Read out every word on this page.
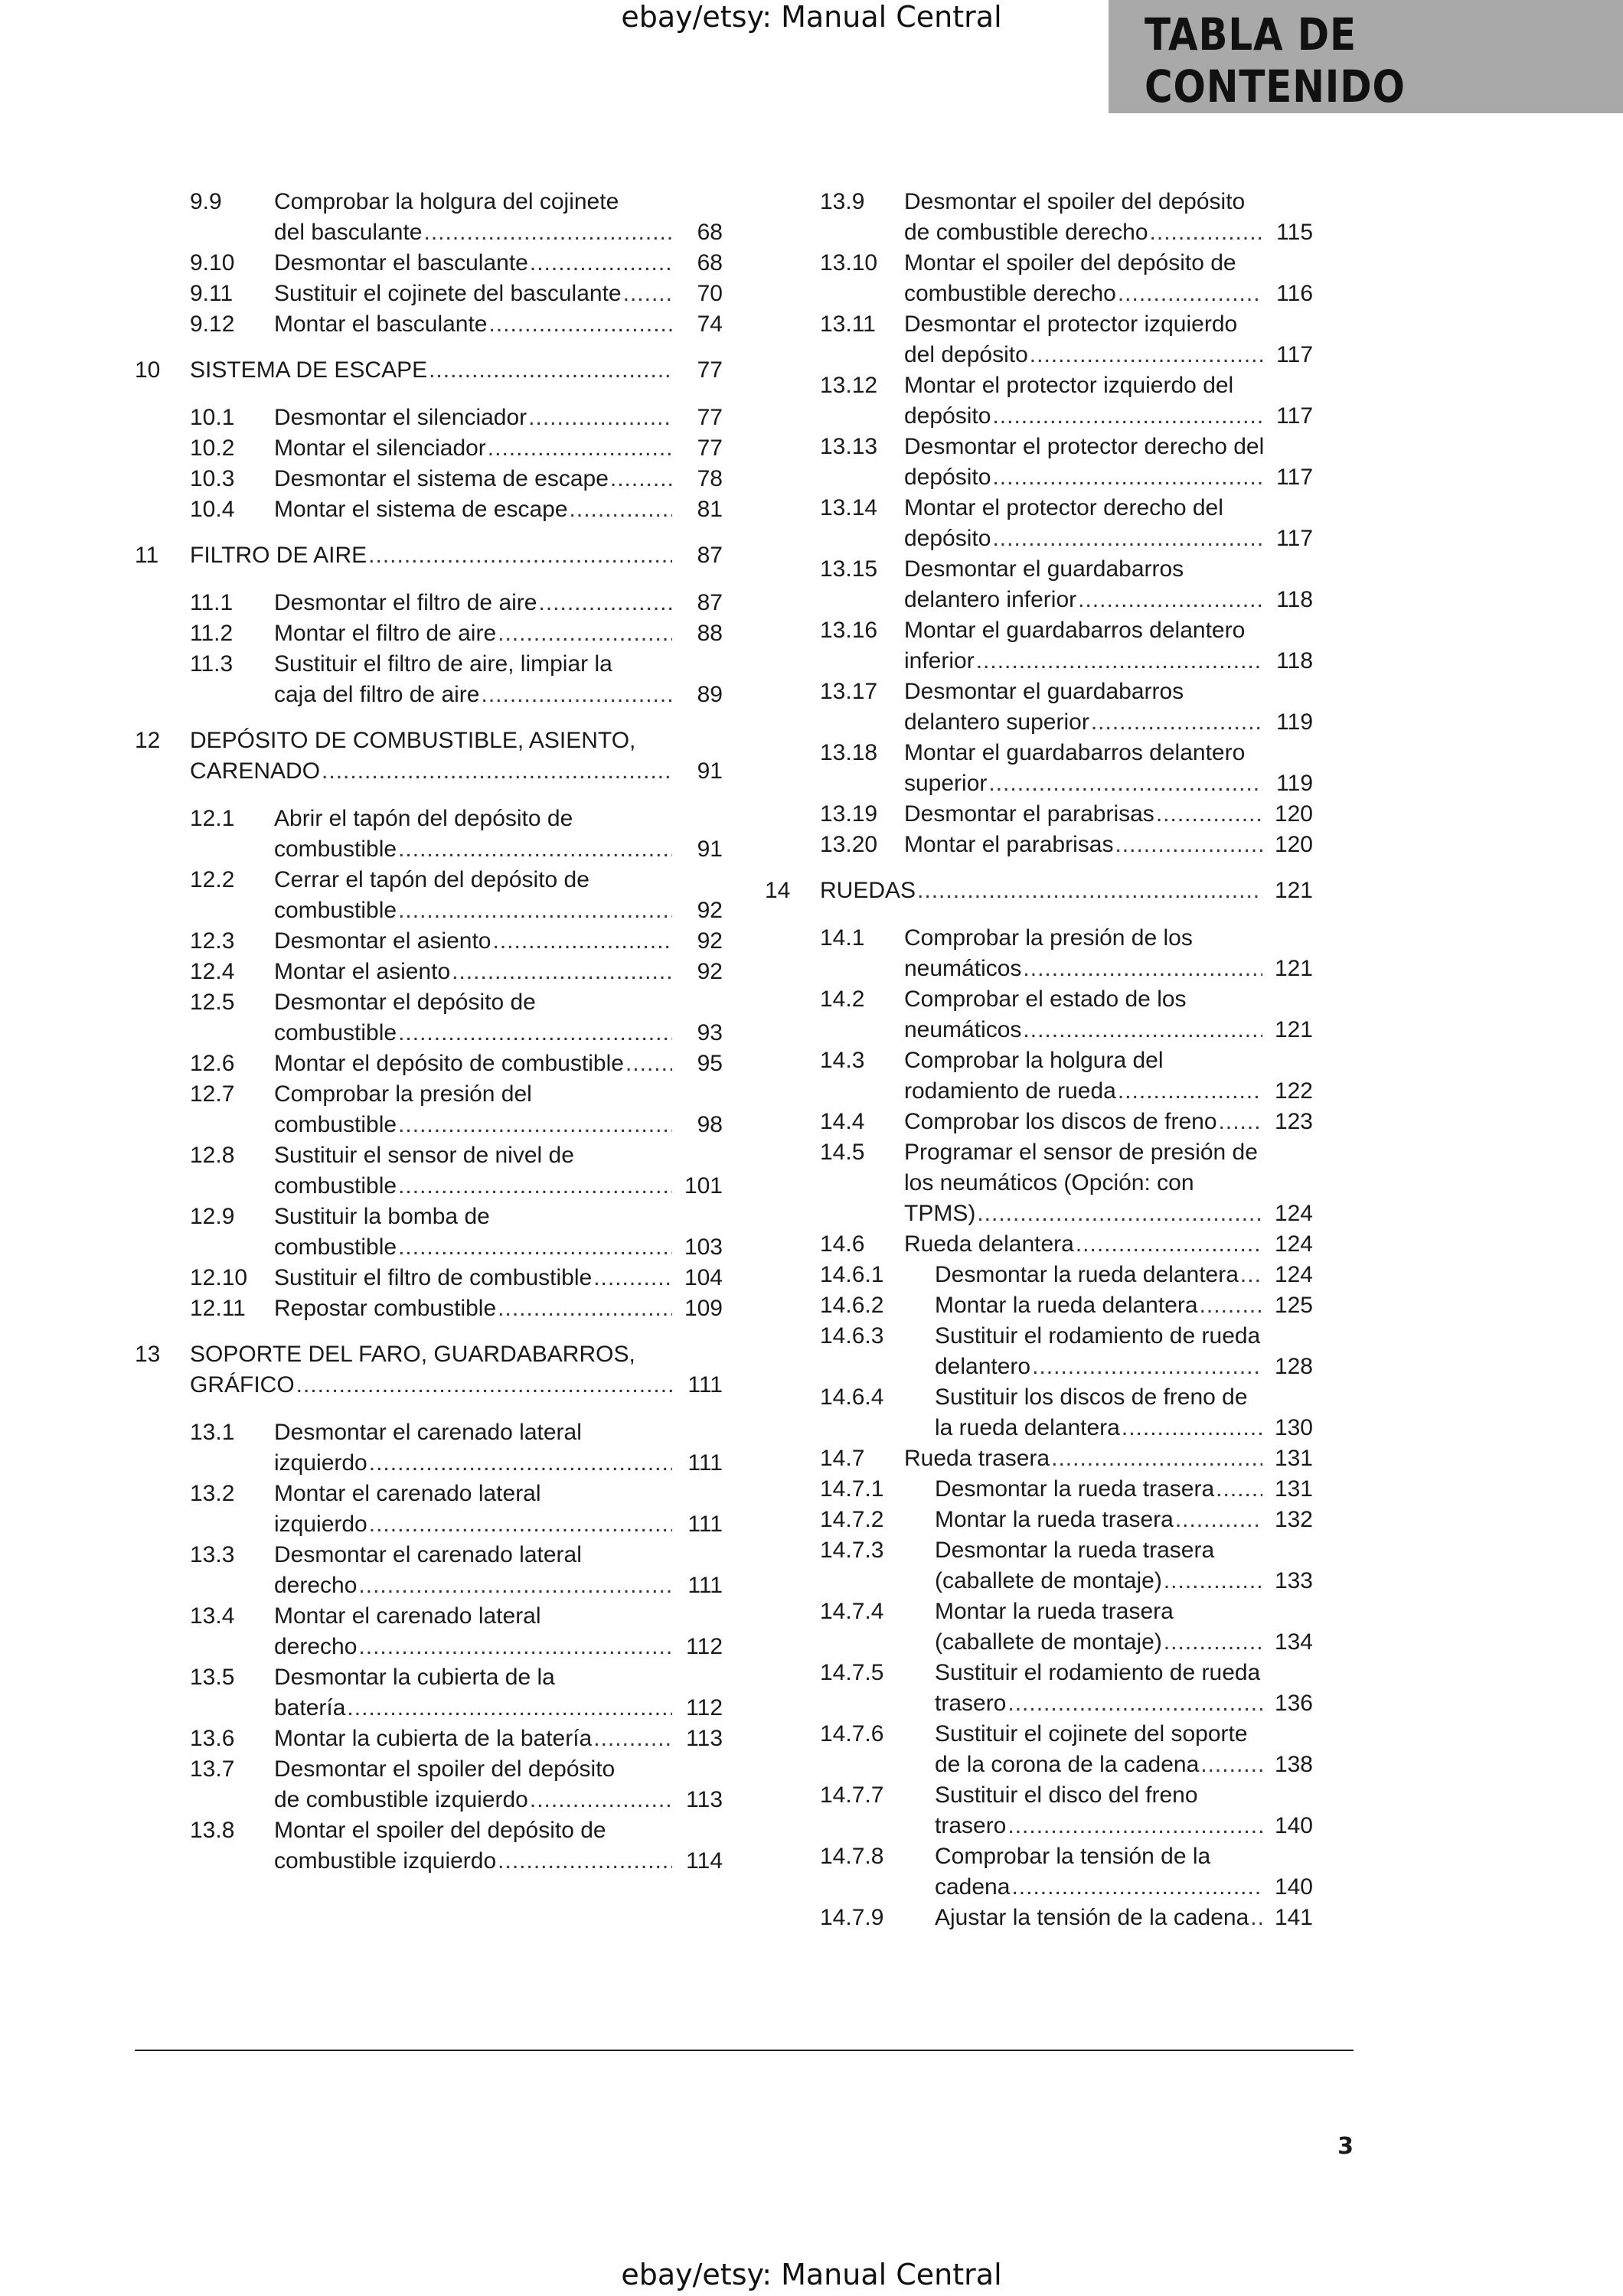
ebay/etsy: Manual Central	TABLA DE CONTENIDO
9.9	Comprobar la holgura del cojinete
del basculante .....	68
9.10	Desmontar el basculante .....	68
9.11	Sustituir el cojinete del basculante .....	70
9.12	Montar el basculante .....	74
10	SISTEMA DE ESCAPE .....	77
10.1	Desmontar el silenciador .....	77
10.2	Montar el silenciador .....	77
10.3	Desmontar el sistema de escape .....	78
10.4	Montar el sistema de escape .....	81
11	FILTRO DE AIRE .....	87
11.1	Desmontar el filtro de aire .....	87
11.2	Montar el filtro de aire .....	88
11.3	Sustituir el filtro de aire, limpiar la
caja del filtro de aire .....	89
12	DEPÓSITO DE COMBUSTIBLE, ASIENTO,
CARENADO .....	91
12.1	Abrir el tapón del depósito de
combustible .....	91
12.2	Cerrar el tapón del depósito de
combustible .....	92
12.3	Desmontar el asiento .....	92
12.4	Montar el asiento .....	92
12.5	Desmontar el depósito de
combustible .....	93
12.6	Montar el depósito de combustible .....	95
12.7	Comprobar la presión del
combustible .....	98
12.8	Sustituir el sensor de nivel de
combustible .....	101
12.9	Sustituir la bomba de
combustible .....	103
12.10	Sustituir el filtro de combustible .....	104
12.11	Repostar combustible .....	109
13	SOPORTE DEL FARO, GUARDABARROS,
GRÁFICO .....	111
13.1	Desmontar el carenado lateral
izquierdo .....	111
13.2	Montar el carenado lateral
izquierdo .....	111
13.3	Desmontar el carenado lateral
derecho .....	111
13.4	Montar el carenado lateral
derecho .....	112
13.5	Desmontar la cubierta de la
batería .....	112
13.6	Montar la cubierta de la batería .....	113
13.7	Desmontar el spoiler del depósito
de combustible izquierdo .....	113
13.8	Montar el spoiler del depósito de
combustible izquierdo .....	114
13.9	Desmontar el spoiler del depósito
de combustible derecho .....	115
13.10	Montar el spoiler del depósito de
combustible derecho .....	116
13.11	Desmontar el protector izquierdo
del depósito .....	117
13.12	Montar el protector izquierdo del
depósito .....	117
13.13	Desmontar el protector derecho del
depósito .....	117
13.14	Montar el protector derecho del
depósito .....	117
13.15	Desmontar el guardabarros
delantero inferior .....	118
13.16	Montar el guardabarros delantero
inferior .....	118
13.17	Desmontar el guardabarros
delantero superior .....	119
13.18	Montar el guardabarros delantero
superior .....	119
13.19	Desmontar el parabrisas .....	120
13.20	Montar el parabrisas .....	120
14	RUEDAS .....	121
14.1	Comprobar la presión de los
neumáticos .....	121
14.2	Comprobar el estado de los
neumáticos .....	121
14.3	Comprobar la holgura del
rodamiento de rueda .....	122
14.4	Comprobar los discos de freno .....	123
14.5	Programar el sensor de presión de
los neumáticos (Opción: con
TPMS) .....	124
14.6	Rueda delantera .....	124
14.6.1	Desmontar la rueda delantera ..... 124
14.6.2	Montar la rueda delantera .....	125
14.6.3	Sustituir el rodamiento de rueda
delantero .....	128
14.6.4	Sustituir los discos de freno de
la rueda delantera .....	130
14.7	Rueda trasera .....	131
14.7.1	Desmontar la rueda trasera .....	131
14.7.2	Montar la rueda trasera .....	132
14.7.3	Desmontar la rueda trasera
(caballete de montaje) .....	133
14.7.4	Montar la rueda trasera
(caballete de montaje) .....	134
14.7.5	Sustituir el rodamiento de rueda
trasero .....	136
14.7.6	Sustituir el cojinete del soporte
de la corona de la cadena .....	138
14.7.7	Sustituir el disco del freno
trasero .....	140
14.7.8	Comprobar la tensión de la
cadena .....	140
14.7.9	Ajustar la tensión de la cadena ..... 141
3
ebay/etsy: Manual Central
